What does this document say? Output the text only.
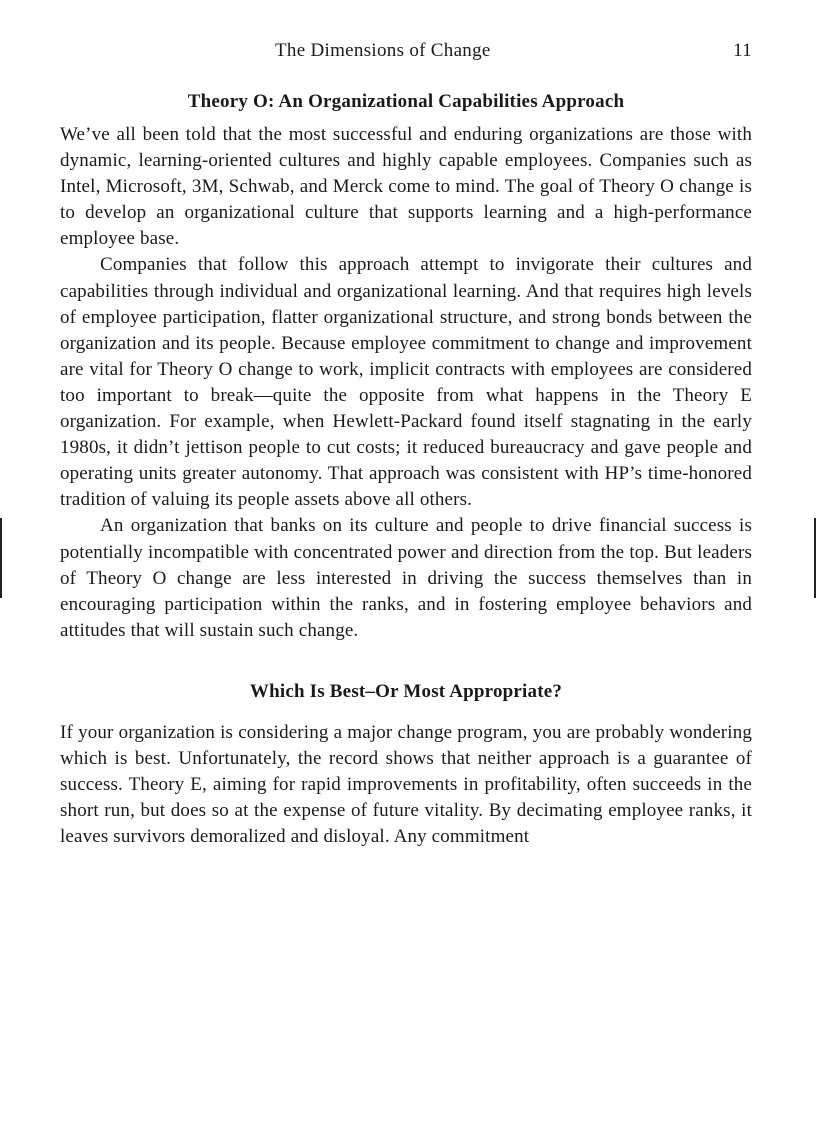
The Dimensions of Change	11
Theory O: An Organizational Capabilities Approach

We’ve all been told that the most successful and enduring organizations are those with dynamic, learning-oriented cultures and highly capable employees. Companies such as Intel, Microsoft, 3M, Schwab, and Merck come to mind. The goal of Theory O change is to develop an organizational culture that supports learning and a high-performance employee base.

Companies that follow this approach attempt to invigorate their cultures and capabilities through individual and organizational learning. And that requires high levels of employee participation, flatter organizational structure, and strong bonds between the organization and its people. Because employee commitment to change and improvement are vital for Theory O change to work, implicit contracts with employees are considered too important to break—quite the opposite from what happens in the Theory E organization. For example, when Hewlett-Packard found itself stagnating in the early 1980s, it didn’t jettison people to cut costs; it reduced bureaucracy and gave people and operating units greater autonomy. That approach was consistent with HP’s time-honored tradition of valuing its people assets above all others.

An organization that banks on its culture and people to drive financial success is potentially incompatible with concentrated power and direction from the top. But leaders of Theory O change are less interested in driving the success themselves than in encouraging participation within the ranks, and in fostering employee behaviors and attitudes that will sustain such change.

Which Is Best–Or Most Appropriate?

If your organization is considering a major change program, you are probably wondering which is best. Unfortunately, the record shows that neither approach is a guarantee of success. Theory E, aiming for rapid improvements in profitability, often succeeds in the short run, but does so at the expense of future vitality. By decimating employee ranks, it leaves survivors demoralized and disloyal. Any commitment
